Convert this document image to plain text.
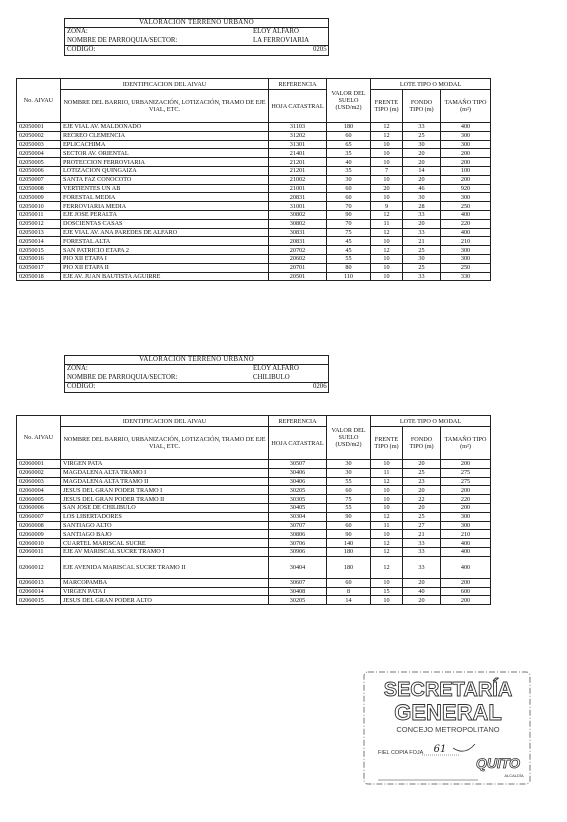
VALORACION TERRENO URBANO
ZONA:	ELOY ALFARO
NOMBRE DE PARROQUIA/SECTOR:	LA FERROVIARIA
CODIGO:	0205
No. AIVAU	IDENTIFICACION DEL AIVAU	REFERENCIA	VALOR DEL SUELO (USD/m2)	LOTE TIPO O MODAL		
	NOMBRE DEL BARRIO, URBANIZACIÓN, LOTIZACIÓN, TRAMO DE EJE VIAL, ETC.	HOJA CATASTRAL		FRENTE TIPO (m)	FONDO TIPO (m)	TAMAÑO TIPO (m²)
02050001	EJE VIAL AV. MALDONADO	31103	180	12	33	400
02050002	RECREO CLEMENCIA	31202	60	12	25	300
02050003	EPLICACHIMA	31301	65	10	30	300
02050004	SECTOR AV. ORIENTAL	21401	35	10	20	200
02050005	PROTECCION FERROVIARIA	21201	40	10	20	200
02050006	LOTIZACION QUINGAIZA	21201	35	7	14	100
02050007	SANTA FAZ CONOCOTO	21002	30	10	20	200
02050008	VERTIENTES UN AB	21001	60	20	46	920
02050009	FORESTAL MEDIA	20831	60	10	30	300
02050010	FERROVIARIA MEDIA	31001	70	9	28	250
02050011	EJE JOSE PERALTA	30802	90	12	33	400
02050012	DOSCIENTAS CASAS	30802	70	11	20	220
02050013	EJE VIAL AV. ANA PAREDES DE ALFARO	30831	75	12	33	400
02050014	FORESTAL ALTA	20831	45	10	21	210
02050015	SAN PATRICIO ETAPA 2	20702	45	12	25	300
02050016	PIO XII ETAPA I	20602	55	10	30	300
02050017	PIO XII ETAPA II	20701	80	10	25	250
02050018	EJE AV. JUAN BAUTISTA AGUIRRE	20501	110	10	33	330
VALORACION TERRENO URBANO
ZONA:	ELOY ALFARO
NOMBRE DE PARROQUIA/SECTOR:	CHILIBULO
CODIGO:	0206
No. AIVAU	IDENTIFICACION DEL AIVAU	REFERENCIA	VALOR DEL SUELO (USD/m2)	LOTE TIPO O MODAL		
	NOMBRE DEL BARRIO, URBANIZACIÓN, LOTIZACIÓN, TRAMO DE EJE VIAL, ETC.	HOJA CATASTRAL		FRENTE TIPO (m)	FONDO TIPO (m)	TAMAÑO TIPO (m²)
02060001	VIRGEN PATA	30507	30	10	20	200
02060002	MAGDALENA ALTA TRAMO I	30406	30	11	25	275
02060003	MAGDALENA ALTA TRAMO II	30406	55	12	23	275
02060004	JESUS DEL GRAN PODER TRAMO I	30205	60	10	20	200
02060005	JESUS DEL GRAN PODER TRAMO II	30305	75	10	22	220
02060006	SAN JOSE DE CHILIBULO	30405	55	10	20	200
02060007	LOS LIBERTADORES	30304	90	12	25	300
02060008	SANTIAGO ALTO	30707	60	11	27	300
02060009	SANTIAGO BAJO	30806	90	10	21	210
02060010	CUARTEL MARISCAL SUCRE	30706	140	12	33	400
02060011	EJE AV MARISCAL SUCRE TRAMO I	30906	180	12	33	400
02060012	EJE AVENIDA MARISCAL SUCRE TRAMO II	30404	180	12	33	400
02060013	MARCOPAMBA	30607	60	10	20	200
02060014	VIRGEN PATA I	30408	8	15	40	600
02060015	JESUS DEL GRAN PODER ALTO	30205	14	10	20	200
SECRETARÍA
GENERAL
CONCEJO METROPOLITANO
FIEL COPIA FOJA 61
QUITO
ALCALDÍA
